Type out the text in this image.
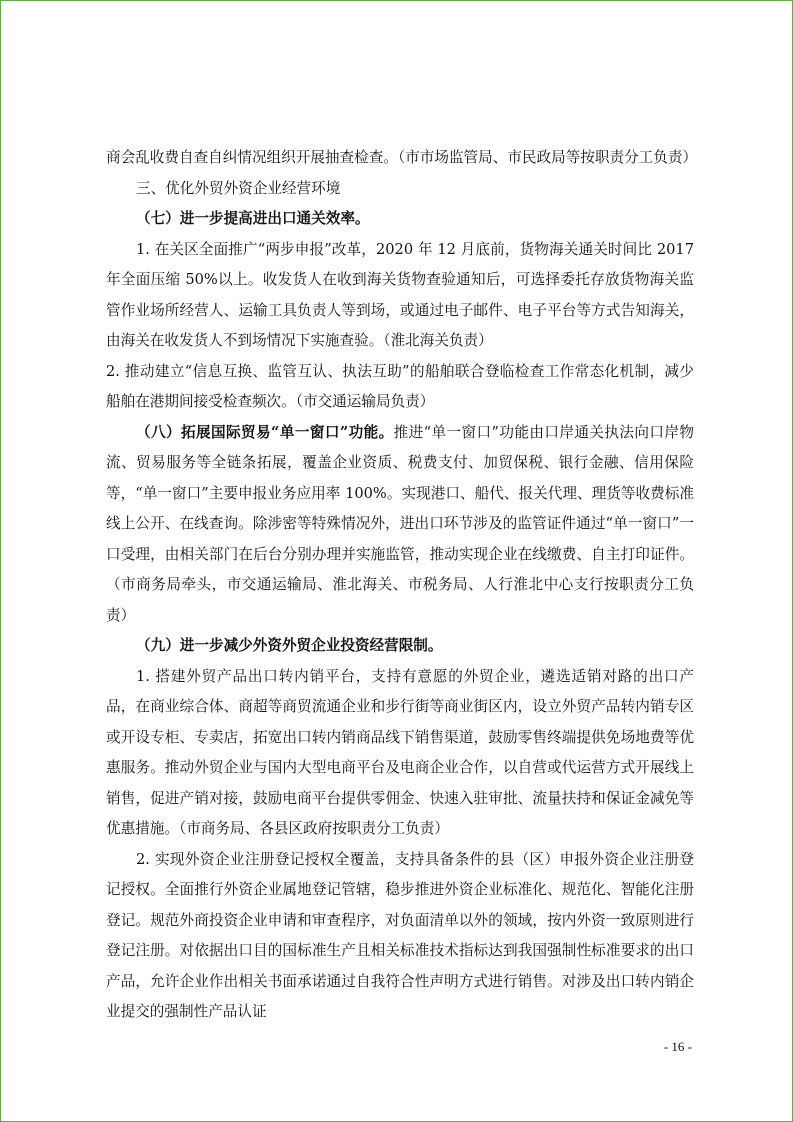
商会乱收费自查自纠情况组织开展抽查检查。（市市场监管局、市民政局等按职责分工负责）

三、优化外贸外资企业经营环境

（七）进一步提高进出口通关效率。

1. 在关区全面推广“两步申报”改革，2020 年 12 月底前，货物海关通关时间比 2017 年全面压缩 50%以上。收发货人在收到海关货物查验通知后，可选择委托存放货物海关监管作业场所经营人、运输工具负责人等到场，或通过电子邮件、电子平台等方式告知海关，由海关在收发货人不到场情况下实施查验。（淮北海关负责）

2. 推动建立“信息互换、监管互认、执法互助”的船舶联合登临检查工作常态化机制，减少船舶在港期间接受检查频次。（市交通运输局负责）

（八）拓展国际贸易“单一窗口”功能。推进“单一窗口”功能由口岸通关执法向口岸物流、贸易服务等全链条拓展，覆盖企业资质、税费支付、加贸保税、银行金融、信用保险等，“单一窗口”主要申报业务应用率 100%。实现港口、船代、报关代理、理货等收费标准线上公开、在线查询。除涉密等特殊情况外，进出口环节涉及的监管证件通过“单一窗口”一口受理，由相关部门在后台分别办理并实施监管，推动实现企业在线缴费、自主打印证件。（市商务局牵头，市交通运输局、淮北海关、市税务局、人行淮北中心支行按职责分工负责）

（九）进一步减少外资外贸企业投资经营限制。

1. 搭建外贸产品出口转内销平台，支持有意愿的外贸企业，遴选适销对路的出口产品，在商业综合体、商超等商贸流通企业和步行街等商业街区内，设立外贸产品转内销专区或开设专柜、专卖店，拓宽出口转内销商品线下销售渠道，鼓励零售终端提供免场地费等优惠服务。推动外贸企业与国内大型电商平台及电商企业合作，以自营或代运营方式开展线上销售，促进产销对接，鼓励电商平台提供零佣金、快速入驻审批、流量扶持和保证金减免等优惠措施。（市商务局、各县区政府按职责分工负责）

2. 实现外资企业注册登记授权全覆盖，支持具备条件的县（区）申报外资企业注册登记授权。全面推行外资企业属地登记管辖，稳步推进外资企业标准化、规范化、智能化注册登记。规范外商投资企业申请和审查程序，对负面清单以外的领域，按内外资一致原则进行登记注册。对依据出口目的国标准生产且相关标准技术指标达到我国强制性标准要求的出口产品，允许企业作出相关书面承诺通过自我符合性声明方式进行销售。对涉及出口转内销企业提交的强制性产品认证

- 16 -
